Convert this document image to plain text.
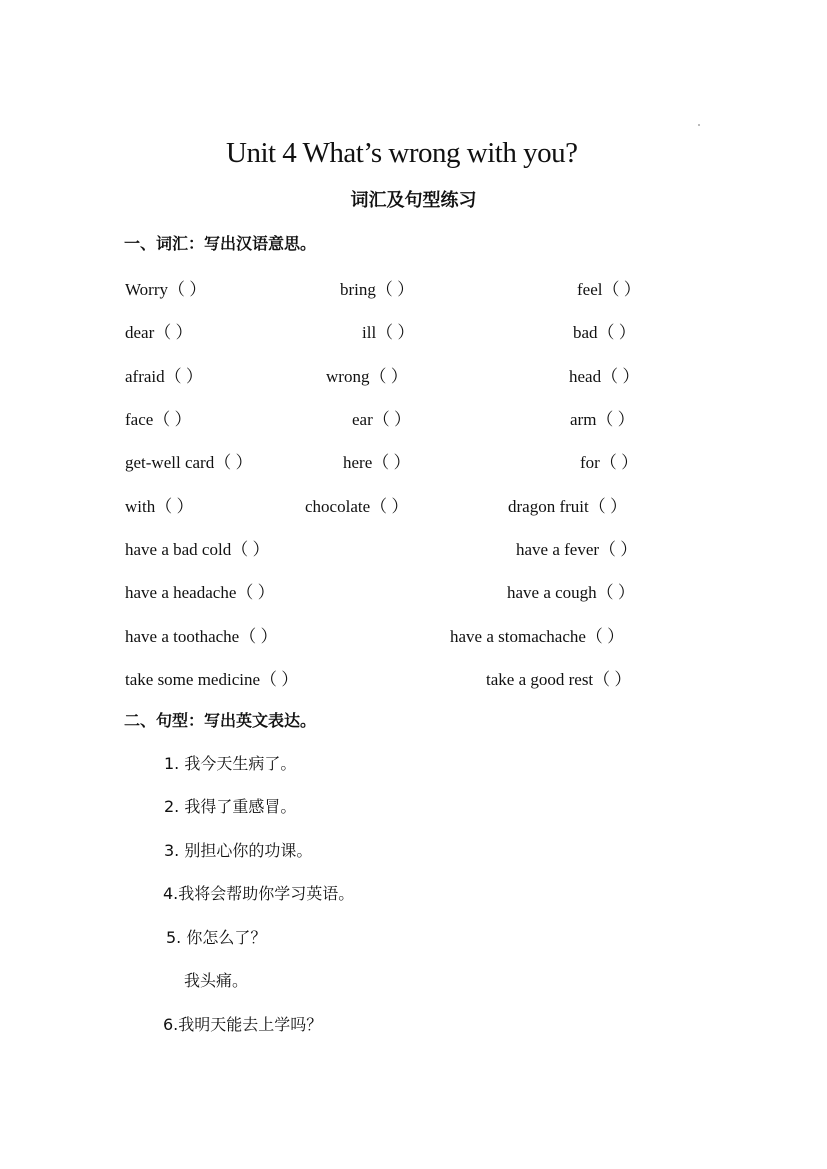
Unit 4 What’s wrong with you?
词汇及句型练习
一、词汇：写出汉语意思。
Worry（ ）	bring（ ）	feel（ ）
dear（ ）	ill（ ）	bad（ ）
afraid（ ）	wrong（ ）	head（ ）
face（ ）	ear（ ）	arm（ ）
get-well card（ ）	here（ ）	for（ ）
with（ ）	chocolate（ ）	dragon fruit（ ）
have a bad cold（ ）	have a fever（ ）
have a headache（ ）	have a cough（ ）
have a toothache（ ）	have a stomachache（ ）
take some medicine（ ）	take a good rest（ ）
二、句型：写出英文表达。
1. 我今天生病了。
2. 我得了重感冒。
3. 别担心你的功课。
4.我将会帮助你学习英语。
5. 你怎么了？
我头痛。
6.我明天能去上学吗？
